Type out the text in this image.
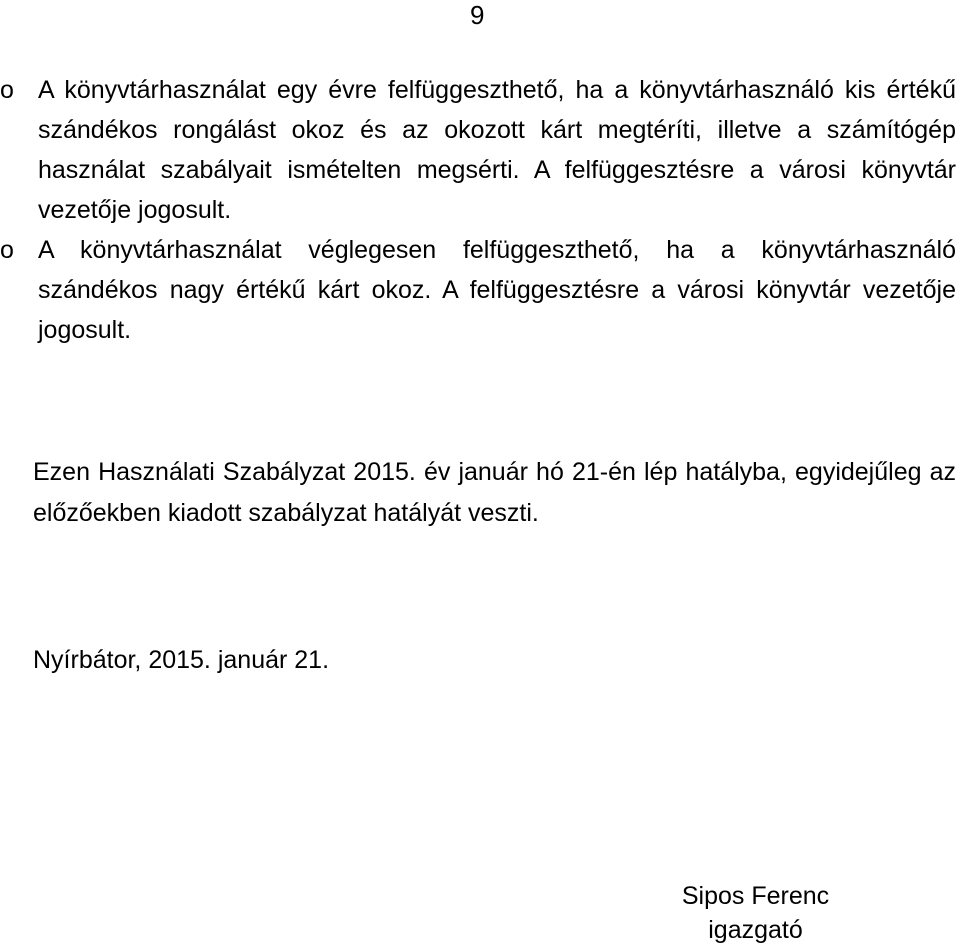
9
o A könyvtárhasználat egy évre felfüggeszthető, ha a könyvtárhasználó kis értékű szándékos rongálást okoz és az okozott kárt megtéríti, illetve a számítógép használat szabályait ismételten megsérti. A felfüggesztésre a városi könyvtár vezetője jogosult.
o A könyvtárhasználat véglegesen felfüggeszthető, ha a könyvtárhasználó szándékos nagy értékű kárt okoz. A felfüggesztésre a városi könyvtár vezetője jogosult.

Ezen Használati Szabályzat 2015. év január hó 21-én lép hatályba, egyidejűleg az előzőekben kiadott szabályzat hatályát veszti.

Nyírbátor, 2015. január 21.

Sipos Ferenc
igazgató
